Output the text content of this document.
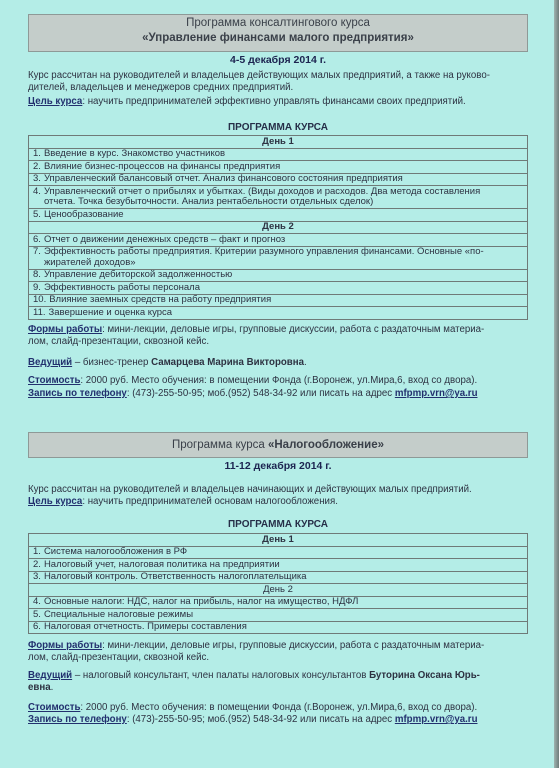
Программа консалтингового курса
«Управление финансами малого предприятия»
4-5 декабря 2014 г.
Курс рассчитан на руководителей и владельцев действующих малых предприятий, а также на руково-
дителей, владельцев и менеджеров средних предприятий.
Цель курса: научить предпринимателей эффективно управлять финансами своих предприятий.
ПРОГРАММА КУРСА
День 1
1. Введение в курс. Знакомство участников
2. Влияние бизнес-процессов на финансы предприятия
3. Управленческий балансовый отчет. Анализ финансового состояния предприятия
4. Управленческий отчет о прибылях и убытках. (Виды доходов и расходов. Два метода составления
отчета. Точка безубыточности. Анализ рентабельности отдельных сделок)
5. Ценообразование
День 2
6. Отчет о движении денежных средств – факт и прогноз
7. Эффективность работы предприятия. Критерии разумного управления финансами. Основные «по-
жирателей доходов»
8. Управление дебиторской задолженностью
9. Эффективность работы персонала
10. Влияние заемных средств на работу предприятия
11. Завершение и оценка курса
Формы работы: мини-лекции, деловые игры, групповые дискуссии, работа с раздаточным материа-
лом, слайд-презентации, сквозной кейс.
Ведущий – бизнес-тренер Самарцева Марина Викторовна.
Стоимость: 2000 руб. Место обучения: в помещении Фонда (г.Воронеж, ул.Мира,6, вход со двора).
Запись по телефону: (473)-255-50-95; моб.(952) 548-34-92 или писать на адрес mfpmp.vrn@ya.ru
Программа курса «Налогообложение»
11-12 декабря 2014 г.
Курс рассчитан на руководителей и владельцев начинающих и действующих малых предприятий.
Цель курса: научить предпринимателей основам налогообложения.
ПРОГРАММА КУРСА
День 1
1. Система налогообложения в РФ
2. Налоговый учет, налоговая политика на предприятии
3. Налоговый контроль. Ответственность налогоплательщика
День 2
4. Основные налоги: НДС, налог на прибыль, налог на имущество, НДФЛ
5. Специальные налоговые режимы
6. Налоговая отчетность. Примеры составления
Формы работы: мини-лекции, деловые игры, групповые дискуссии, работа с раздаточным материа-
лом, слайд-презентации, сквозной кейс.
Ведущий – налоговый консультант, член палаты налоговых консультантов Буторина Оксана Юрь-
евна.
Стоимость: 2000 руб. Место обучения: в помещении Фонда (г.Воронеж, ул.Мира,6, вход со двора).
Запись по телефону: (473)-255-50-95; моб.(952) 548-34-92 или писать на адрес mfpmp.vrn@ya.ru
